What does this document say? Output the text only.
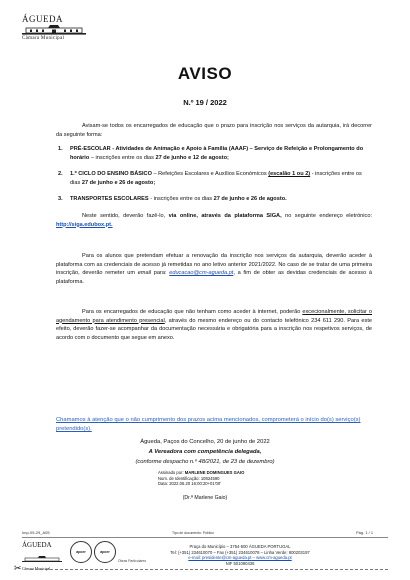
ÁGUEDA
Câmara Municipal
AVISO
N.º 19 / 2022
Avisam-se todos os encarregados de educação que o prazo para inscrição nos serviços da autarquia, irá decorrer da seguinte forma:
1. PRÉ-ESCOLAR - Atividades de Animação e Apoio à Família (AAAF) – Serviço de Refeição e Prolongamento do horário – inscrições entre os dias 27 de junho e 12 de agosto;
2. 1.º CICLO DO ENSINO BÁSICO – Refeições Escolares e Auxílios Económicos (escalão 1 ou 2) - inscrições entre os dias 27 de junho e 26 de agosto;
3. TRANSPORTES ESCOLARES - inscrições entre os dias 27 de junho e 26 de agosto.
Neste sentido, deverão fazê-lo, via online, através da plataforma SIGA, no seguinte endereço eletrónico: http://siga.edubox.pt.
Para os alunos que pretendam efetuar a renovação da inscrição nos serviços da autarquia, deverão aceder à plataforma com as credenciais de acesso já remetidas no ano letivo anterior 2021/2022. No caso de se tratar de uma primeira inscrição, deverão remeter um email para: educacao@cm-agueda.pt, a fim de obter as devidas credenciais de acesso à plataforma.
Para os encarregados de educação que não tenham como aceder à internet, poderão excecionalmente, solicitar o agendamento para atendimento presencial, através do mesmo endereço ou do contacto telefónico 234 611 290. Para este efeito, deverão fazer-se acompanhar da documentação necessária e obrigatória para a inscrição nos respetivos serviços, de acordo com o documento que segue em anexo.
Chamamos à atenção que o não cumprimento dos prazos acima mencionados, comprometerá o início do(s) serviço(s) pretendido(s).
Águeda, Paços do Concelho, 20 de junho de 2022
A Vereadora com competência delegada,
(conforme despacho n.º 48/2021, de 23 de dezembro)
Assinado por: MARLENE DOMINGUES GAIO
Num. de Identificação: 10824590
Data: 2022.06.20 16:00:20+01'00'
(Dr.ª Marlene Gaio)
Imp-05-29_A05	Tipo de documento: Público	Pág. 1 / 1
ÁGUEDA
Câmara Municipal
apcer	apcer
Obras Particulares
Praça do Município – 3754-500 ÁGUEDA PORTUGAL
Tel: (+351) 234610070 – Fax (+351) 234610078 – Linha Verde: 800203197
e-mail: presidente@cm-agueda.pt – www.cm-agueda.pt
NIF 501090436
✂
